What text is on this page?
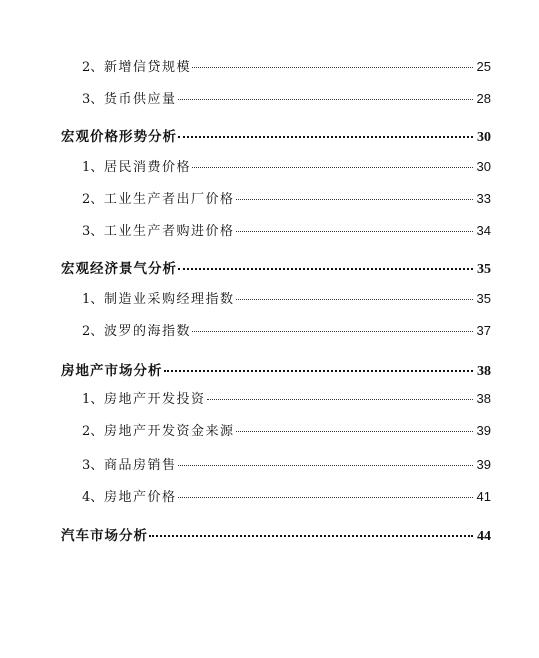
2、 新增信贷规模	25
3、 货币供应量	28
宏观价格形势分析	30
1、 居民消费价格	30
2、 工业生产者出厂价格	33
3、 工业生产者购进价格	34
宏观经济景气分析	35
1、 制造业采购经理指数	35
2、 波罗的海指数	37
房地产市场分析	38
1、 房地产开发投资	38
2、 房地产开发资金来源	39
3、 商品房销售	39
4、 房地产价格	41
汽车市场分析	44
